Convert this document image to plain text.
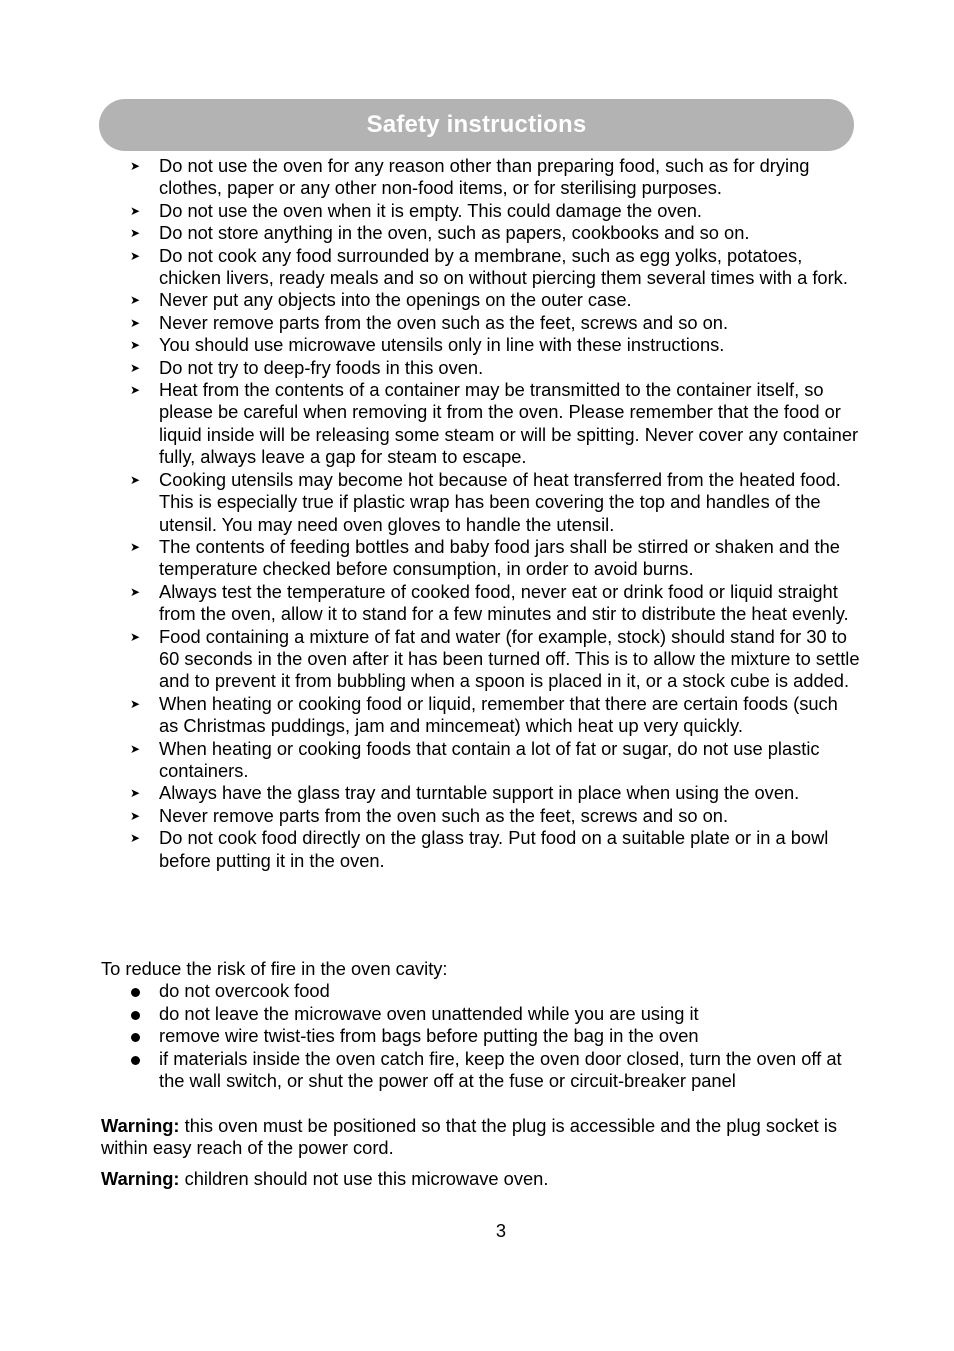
Safety instructions
➤ Do not use the oven for any reason other than preparing food, such as for drying clothes, paper or any other non-food items, or for sterilising purposes.
➤ Do not use the oven when it is empty. This could damage the oven.
➤ Do not store anything in the oven, such as papers, cookbooks and so on.
➤ Do not cook any food surrounded by a membrane, such as egg yolks, potatoes, chicken livers, ready meals and so on without piercing them several times with a fork.
➤ Never put any objects into the openings on the outer case.
➤ Never remove parts from the oven such as the feet, screws and so on.
➤ You should use microwave utensils only in line with these instructions.
➤ Do not try to deep-fry foods in this oven.
➤ Heat from the contents of a container may be transmitted to the container itself, so please be careful when removing it from the oven. Please remember that the food or liquid inside will be releasing some steam or will be spitting. Never cover any container fully, always leave a gap for steam to escape.
➤ Cooking utensils may become hot because of heat transferred from the heated food. This is especially true if plastic wrap has been covering the top and handles of the utensil. You may need oven gloves to handle the utensil.
➤ The contents of feeding bottles and baby food jars shall be stirred or shaken and the temperature checked before consumption, in order to avoid burns.
➤ Always test the temperature of cooked food, never eat or drink food or liquid straight from the oven, allow it to stand for a few minutes and stir to distribute the heat evenly.
➤ Food containing a mixture of fat and water (for example, stock) should stand for 30 to 60 seconds in the oven after it has been turned off. This is to allow the mixture to settle and to prevent it from bubbling when a spoon is placed in it, or a stock cube is added.
➤ When heating or cooking food or liquid, remember that there are certain foods (such as Christmas puddings, jam and mincemeat) which heat up very quickly.
➤ When heating or cooking foods that contain a lot of fat or sugar, do not use plastic containers.
➤ Always have the glass tray and turntable support in place when using the oven.
➤ Never remove parts from the oven such as the feet, screws and so on.
➤ Do not cook food directly on the glass tray. Put food on a suitable plate or in a bowl before putting it in the oven.

To reduce the risk of fire in the oven cavity:

do not overcook food
do not leave the microwave oven unattended while you are using it
remove wire twist-ties from bags before putting the bag in the oven
if materials inside the oven catch fire, keep the oven door closed, turn the oven off at the wall switch, or shut the power off at the fuse or circuit-breaker panel

Warning: this oven must be positioned so that the plug is accessible and the plug socket is within easy reach of the power cord.

Warning: children should not use this microwave oven.

3
